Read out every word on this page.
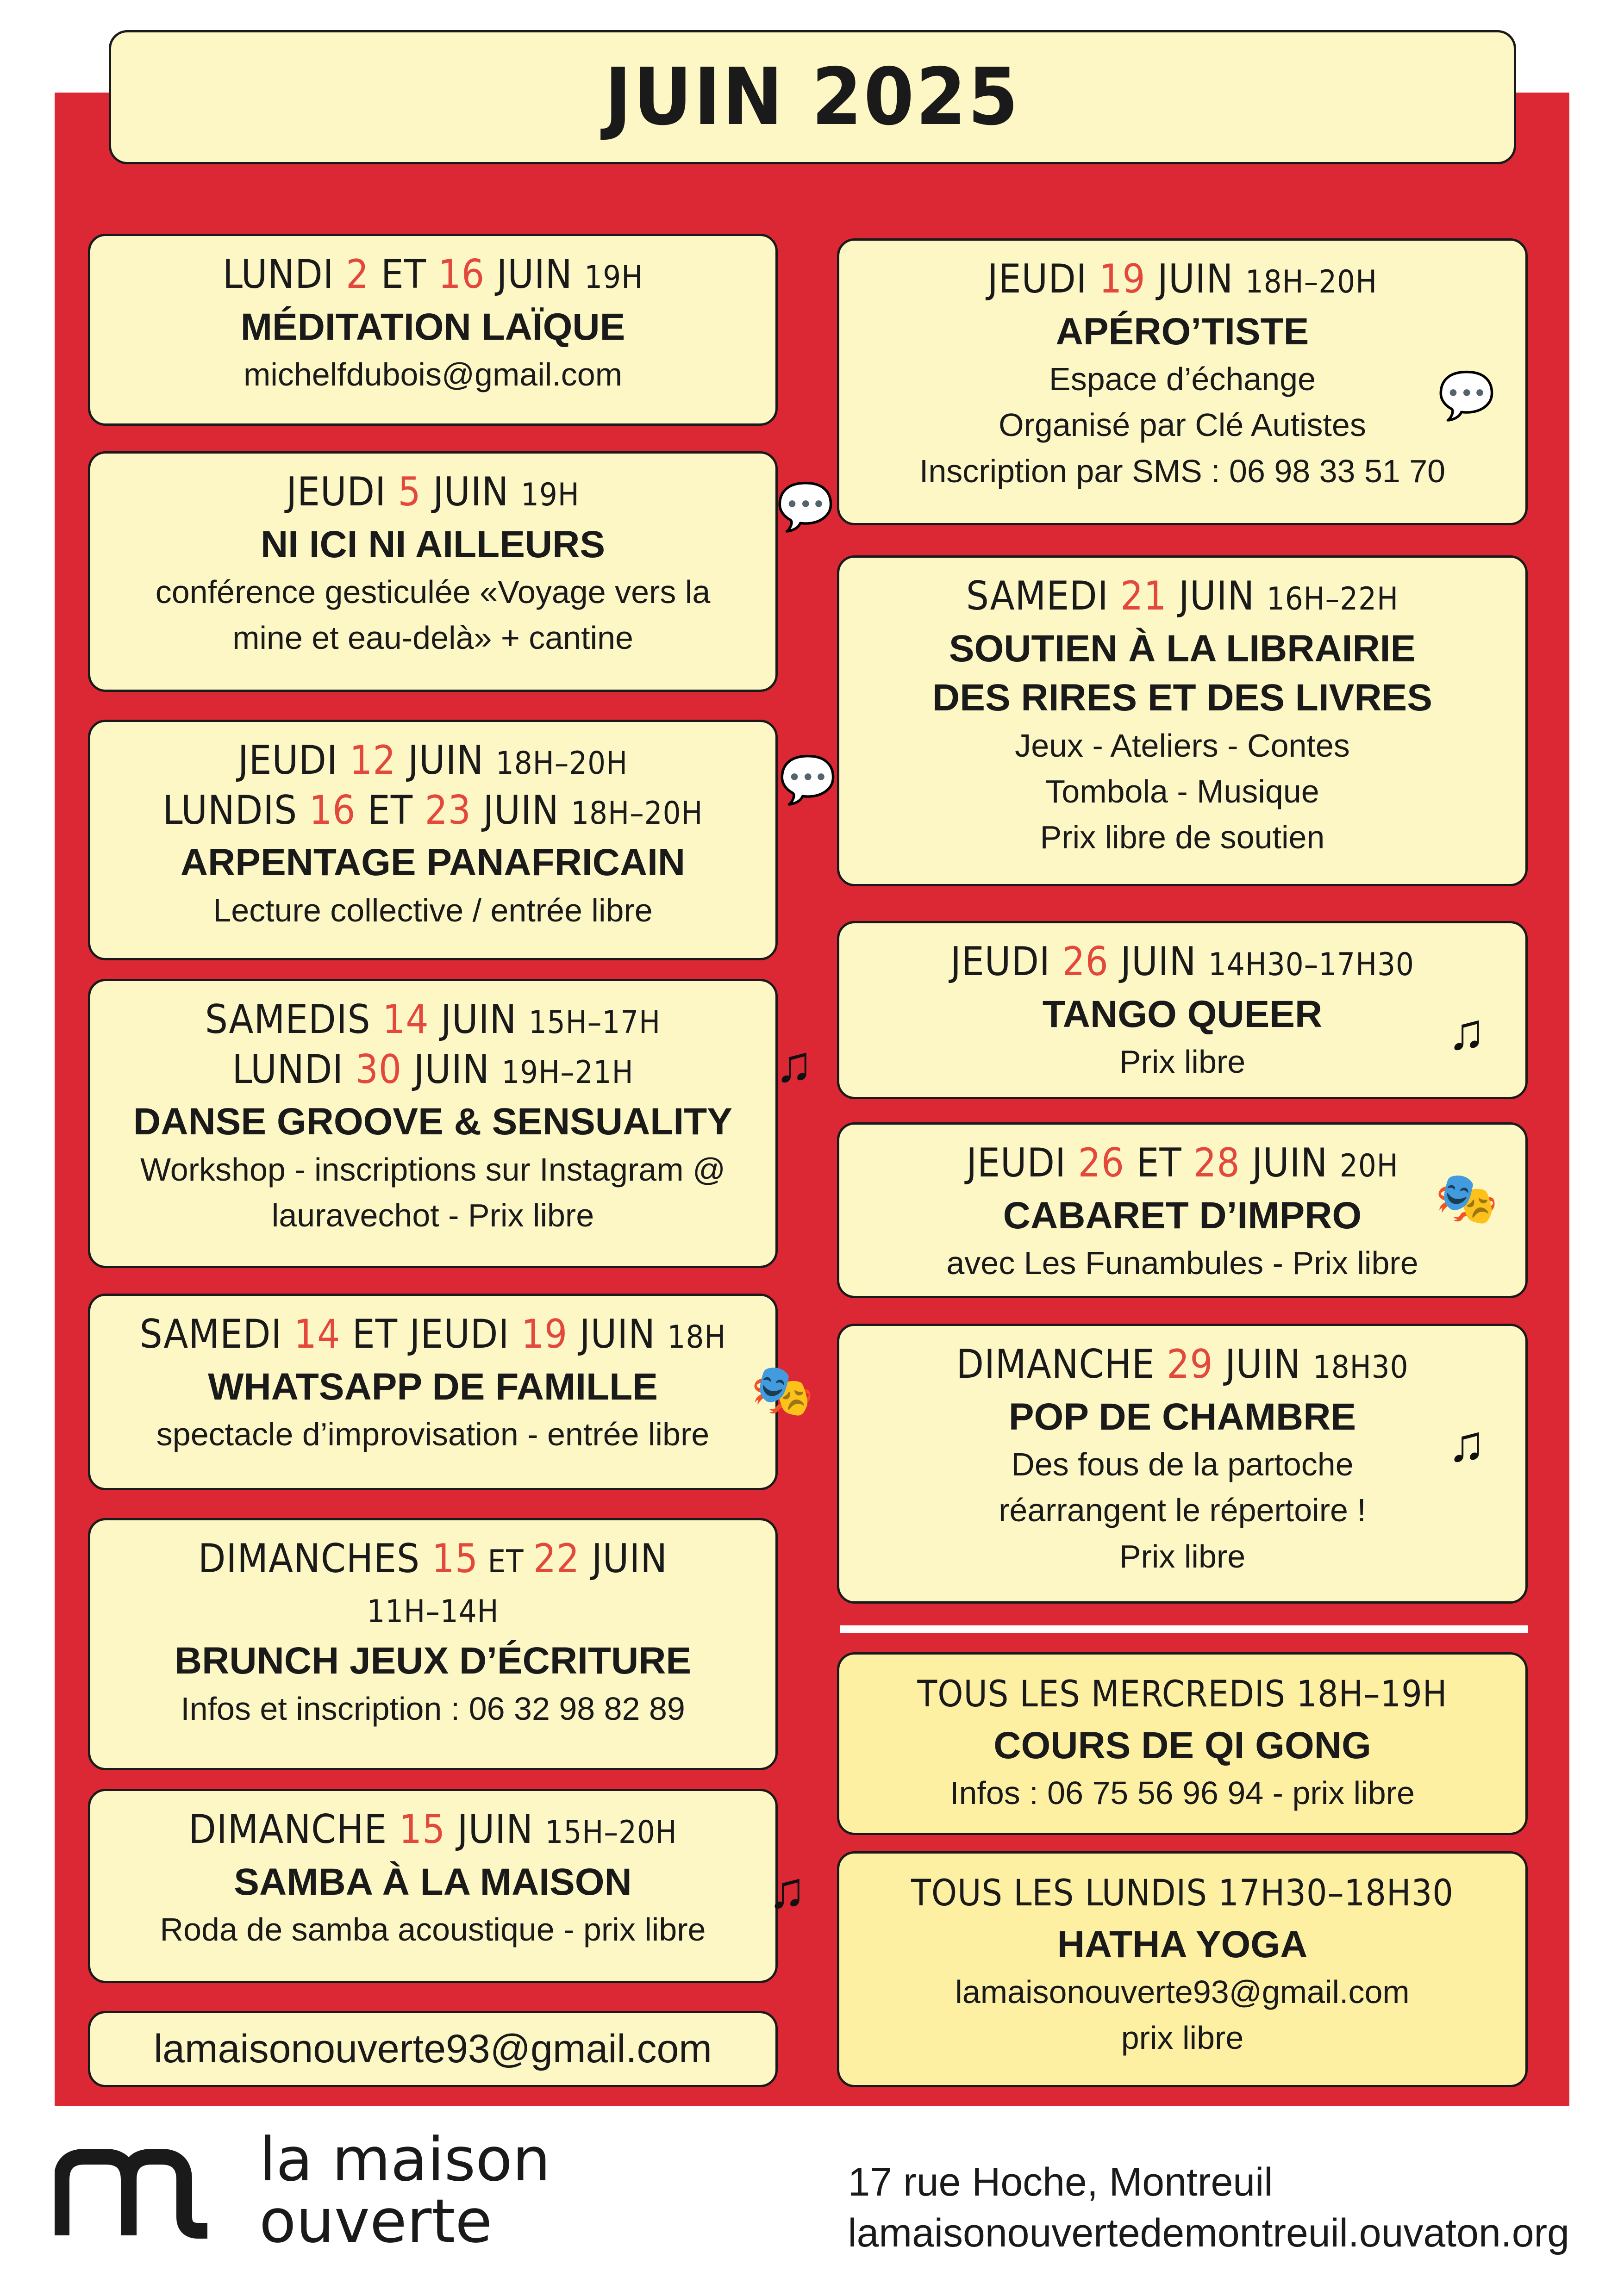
JUIN 2025
LUNDI 2 ET 16 JUIN 19H
MÉDITATION LAÏQUE
michelfdubois@gmail.com
JEUDI 5 JUIN 19H
NI ICI NI AILLEURS
conférence gesticulée «Voyage vers la
mine et eau-delà» + cantine
💬
JEUDI 12 JUIN 18H–20H
LUNDIS 16 ET 23 JUIN 18H–20H
ARPENTAGE PANAFRICAIN
Lecture collective / entrée libre
💬
SAMEDIS 14 JUIN 15H–17H
LUNDI 30 JUIN 19H–21H
DANSE GROOVE & SENSUALITY
Workshop - inscriptions sur Instagram @
lauravechot - Prix libre
♫
SAMEDI 14 ET JEUDI 19 JUIN 18H
WHATSAPP DE FAMILLE
spectacle d’improvisation - entrée libre
🎭
DIMANCHES 15 ET 22 JUIN
11H–14H
BRUNCH JEUX D’ÉCRITURE
Infos et inscription : 06 32 98 82 89
DIMANCHE 15 JUIN 15H–20H
SAMBA À LA MAISON
Roda de samba acoustique - prix libre
♫
JEUDI 19 JUIN 18H–20H
APÉRO’TISTE
Espace d’échange
Organisé par Clé Autistes
Inscription par SMS : 06 98 33 51 70
💬
SAMEDI 21 JUIN 16H–22H
SOUTIEN À LA LIBRAIRIE
DES RIRES ET DES LIVRES
Jeux - Ateliers - Contes
Tombola - Musique
Prix libre de soutien
JEUDI 26 JUIN 14H30–17H30
TANGO QUEER
Prix libre
♫
JEUDI 26 ET 28 JUIN 20H
CABARET D’IMPRO
avec Les Funambules - Prix libre
🎭
DIMANCHE 29 JUIN 18H30
POP DE CHAMBRE
Des fous de la partoche
réarrangent le répertoire !
Prix libre
♫
TOUS LES MERCREDIS 18H–19H
COURS DE QI GONG
Infos : 06 75 56 96 94 - prix libre
TOUS LES LUNDIS 17H30–18H30
HATHA YOGA
lamaisonouverte93@gmail.com
prix libre
lamaisonouverte93@gmail.com
la maison
ouverte
17 rue Hoche, Montreuil
lamaisonouvertedemontreuil.ouvaton.org
